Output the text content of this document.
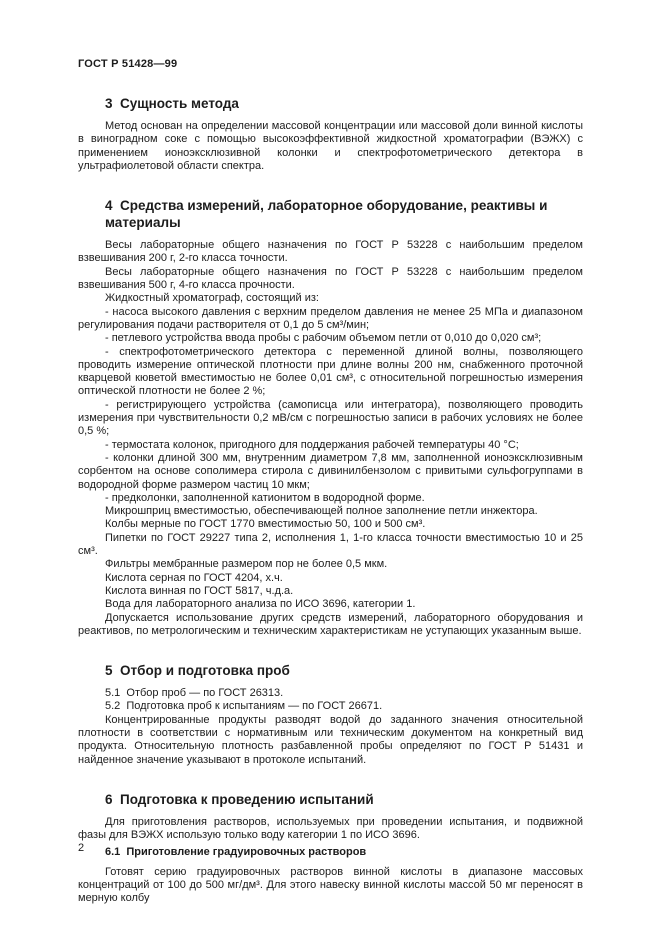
ГОСТ Р 51428—99
3  Сущность метода

Метод основан на определении массовой концентрации или массовой доли винной кислоты в виноградном соке с помощью высокоэффективной жидкостной хроматографии (ВЭЖХ) с применением ионоэксклюзивной колонки и спектрофотометрического детектора в ультрафиолетовой области спектра.

4  Средства измерений, лабораторное оборудование, реактивы и материалы

Весы лабораторные общего назначения по ГОСТ Р 53228 с наибольшим пределом взвешивания 200 г, 2-го класса точности.

Весы лабораторные общего назначения по ГОСТ Р 53228 с наибольшим пределом взвешивания 500 г, 4-го класса прочности.

Жидкостный хроматограф, состоящий из:

- насоса высокого давления с верхним пределом давления не менее 25 МПа и диапазоном регулирования подачи растворителя от 0,1 до 5 см³/мин;

- петлевого устройства ввода пробы с рабочим объемом петли от 0,010 до 0,020 см³;

- спектрофотометрического детектора с переменной длиной волны, позволяющего проводить измерение оптической плотности при длине волны 200 нм, снабженного проточной кварцевой кюветой вместимостью не более 0,01 см³, с относительной погрешностью измерения оптической плотности не более 2 %;

- регистрирующего устройства (самописца или интегратора), позволяющего проводить измерения при чувствительности 0,2 мВ/см с погрешностью записи в рабочих условиях не более 0,5 %;

- термостата колонок, пригодного для поддержания рабочей температуры 40 °С;

- колонки длиной 300 мм, внутренним диаметром 7,8 мм, заполненной ионоэксклюзивным сорбентом на основе сополимера стирола с дивинилбензолом с привитыми сульфогруппами в водородной форме размером частиц 10 мкм;

- предколонки, заполненной катионитом в водородной форме.

Микрошприц вместимостью, обеспечивающей полное заполнение петли инжектора.

Колбы мерные по ГОСТ 1770 вместимостью 50, 100 и 500 см³.

Пипетки по ГОСТ 29227 типа 2, исполнения 1, 1-го класса точности вместимостью 10 и 25 см³.

Фильтры мембранные размером пор не более 0,5 мкм.

Кислота серная по ГОСТ 4204, х.ч.

Кислота винная по ГОСТ 5817, ч.д.а.

Вода для лабораторного анализа по ИСО 3696, категории 1.

Допускается использование других средств измерений, лабораторного оборудования и реактивов, по метрологическим и техническим характеристикам не уступающих указанным выше.

5  Отбор и подготовка проб

5.1  Отбор проб — по ГОСТ 26313.

5.2  Подготовка проб к испытаниям — по ГОСТ 26671.

Концентрированные продукты разводят водой до заданного значения относительной плотности в соответствии с нормативным или техническим документом на конкретный вид продукта. Относительную плотность разбавленной пробы определяют по ГОСТ Р 51431 и найденное значение указывают в протоколе испытаний.

6  Подготовка к проведению испытаний

Для приготовления растворов, используемых при проведении испытания, и подвижной фазы для ВЭЖХ использую только воду категории 1 по ИСО 3696.

6.1  Приготовление градуировочных растворов

Готовят серию градуировочных растворов винной кислоты в диапазоне массовых концентраций от 100 до 500 мг/дм³. Для этого навеску винной кислоты массой 50 мг переносят в мерную колбу

2
